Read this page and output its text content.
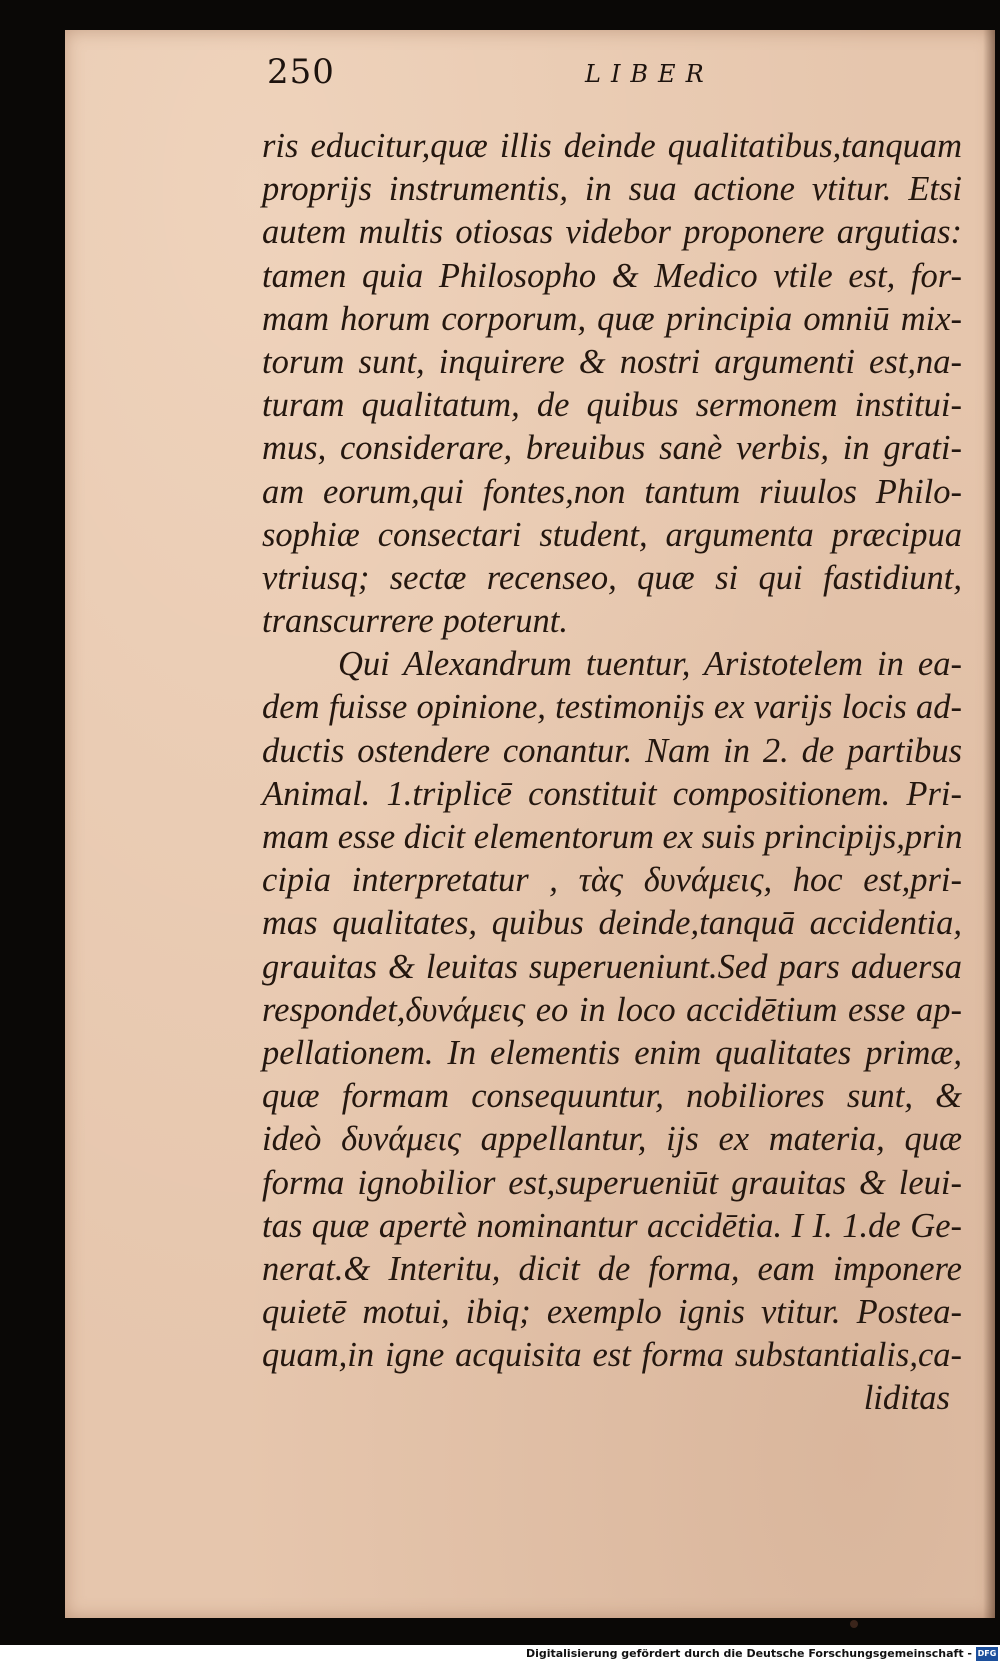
250	LIBER
ris educitur,quæ illis deinde qualitatibus,tanquam
proprijs instrumentis, in sua actione vtitur. Etsi
autem multis otiosas videbor proponere argutias:
tamen quia Philosopho & Medico vtile est, for-
mam horum corporum, quæ principia omniū mix-
torum sunt, inquirere & nostri argumenti est,na-
turam qualitatum, de quibus sermonem institui-
mus, considerare, breuibus sanè verbis, in grati-
am eorum,qui fontes,non tantum riuulos Philo-
sophiæ consectari student, argumenta præcipua
vtriusq; sectæ recenseo, quæ si qui fastidiunt,
transcurrere poterunt.
Qui Alexandrum tuentur, Aristotelem in ea-
dem fuisse opinione, testimonijs ex varijs locis ad-
ductis ostendere conantur. Nam in 2. de partibus
Animal. 1.triplicē constituit compositionem. Pri-
mam esse dicit elementorum ex suis principijs,prin
cipia interpretatur , τὰς δυνάμεις, hoc est,pri-
mas qualitates, quibus deinde,tanquā accidentia,
grauitas & leuitas superueniunt.Sed pars aduersa
respondet,δυνάμεις eo in loco accidētium esse ap-
pellationem. In elementis enim qualitates primæ,
quæ formam consequuntur, nobiliores sunt, &
ideò δυνάμεις appellantur, ijs ex materia, quæ
forma ignobilior est,superueniūt grauitas & leui-
tas quæ apertè nominantur accidētia. I I. 1.de Ge-
nerat.& Interitu, dicit de forma, eam imponere
quietē motui, ibiq; exemplo ignis vtitur. Postea-
quam,in igne acquisita est forma substantialis,ca-
liditas
Digitalisierung gefördert durch die Deutsche Forschungsgemeinschaft - DFG
